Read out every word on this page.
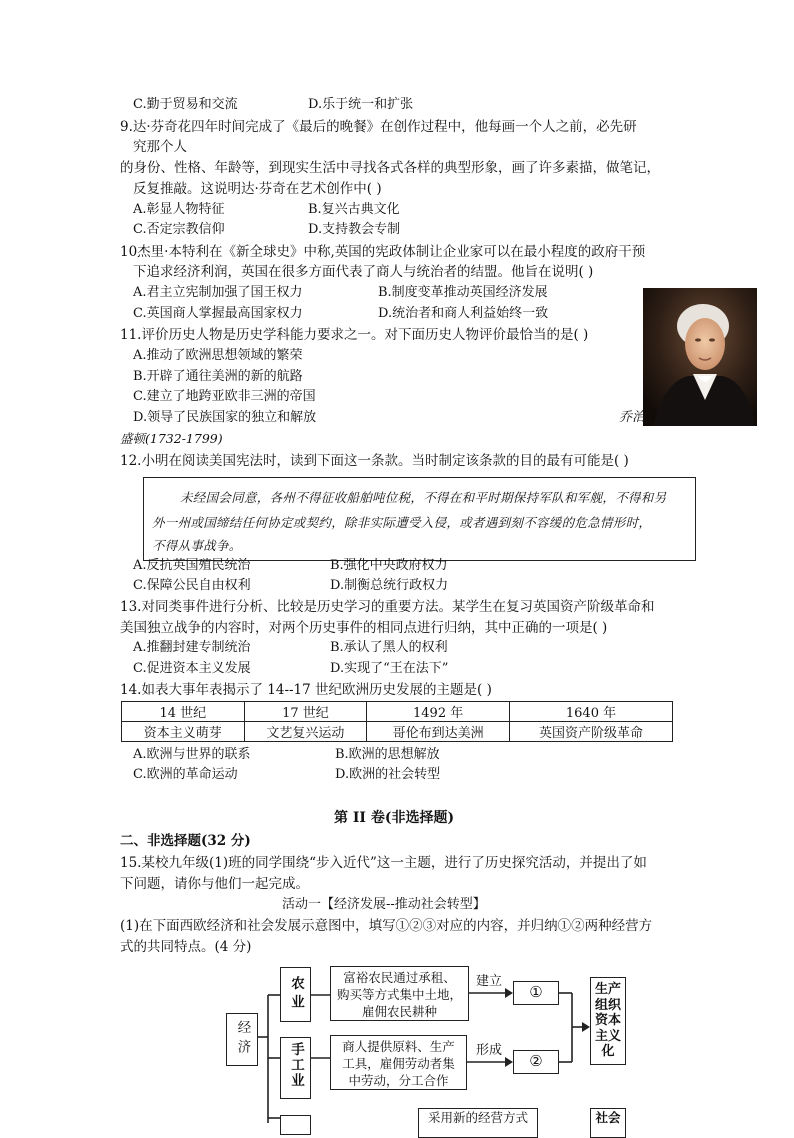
C.勤于贸易和交流	D.乐于统一和扩张
9.达·芬奇花四年时间完成了《最后的晚餐》在创作过程中，他每画一个人之前，必先研
究那个人
的身份、性格、年龄等，到现实生活中寻找各式各样的典型形象，画了许多素描，做笔记，
反复推敲。这说明达·芬奇在艺术创作中( )
A.彰显人物特征	B.复兴古典文化
C.否定宗教信仰	D.支持教会专制
10杰里·本特利在《新全球史》中称,英国的宪政体制让企业家可以在最小程度的政府干预
下追求经济利润，英国在很多方面代表了商人与统治者的结盟。他旨在说明( )
A.君主立宪制加强了国王权力	B.制度变革推动英国经济发展
C.英国商人掌握最高国家权力	D.统治者和商人利益始终一致
11.评价历史人物是历史学科能力要求之一。对下面历史人物评价最恰当的是( )
A.推动了欧洲思想领域的繁荣
B.开辟了通往美洲的新的航路
C.建立了地跨亚欧非三洲的帝国
D.领导了民族国家的独立和解放	乔治
盛顿(1732-1799)
12.小明在阅读美国宪法时，读到下面这一条款。当时制定该条款的目的最有可能是( )
未经国会同意，各州不得征收船舶吨位税，不得在和平时期保持军队和军舰，不得和另
外一州或国缔结任何协定或契约，除非实际遭受入侵，或者遇到刻不容缓的危急情形时，
不得从事战争。
A.反抗英国殖民统治	B.强化中央政府权力
C.保障公民自由权利	D.制衡总统行政权力
13.对同类事件进行分析、比较是历史学习的重要方法。某学生在复习英国资产阶级革命和
美国独立战争的内容时，对两个历史事件的相同点进行归纳，其中正确的一项是( )
A.推翻封建专制统治	B.承认了黑人的权利
C.促进资本主义发展	D.实现了“王在法下”
14.如表大事年表揭示了 14--17 世纪欧洲历史发展的主题是( )
14 世纪	17 世纪	1492 年	1640 年
资本主义萌芽	文艺复兴运动	哥伦布到达美洲	英国资产阶级革命
A.欧洲与世界的联系	B.欧洲的思想解放
C.欧洲的革命运动	D.欧洲的社会转型
第 II 卷(非选择题)
二、非选择题(32 分)
15.某校九年级(1)班的同学围绕“步入近代”这一主题，进行了历史探究活动，并提出了如
下问题，请你与他们一起完成。
活动一【经济发展--推动社会转型】
(1)在下面西欧经济和社会发展示意图中，填写①②③对应的内容，并归纳①②两种经营方
式的共同特点。(4 分)
经济
农业	富裕农民通过承租、
购买等方式集中土地，
雇佣农民耕种
建立
①
手工业	商人提供原料、生产
工具，雇佣劳动者集
中劳动，分工合作
形成
②
生产组织资本主义化
采用新的经营方式	社会
